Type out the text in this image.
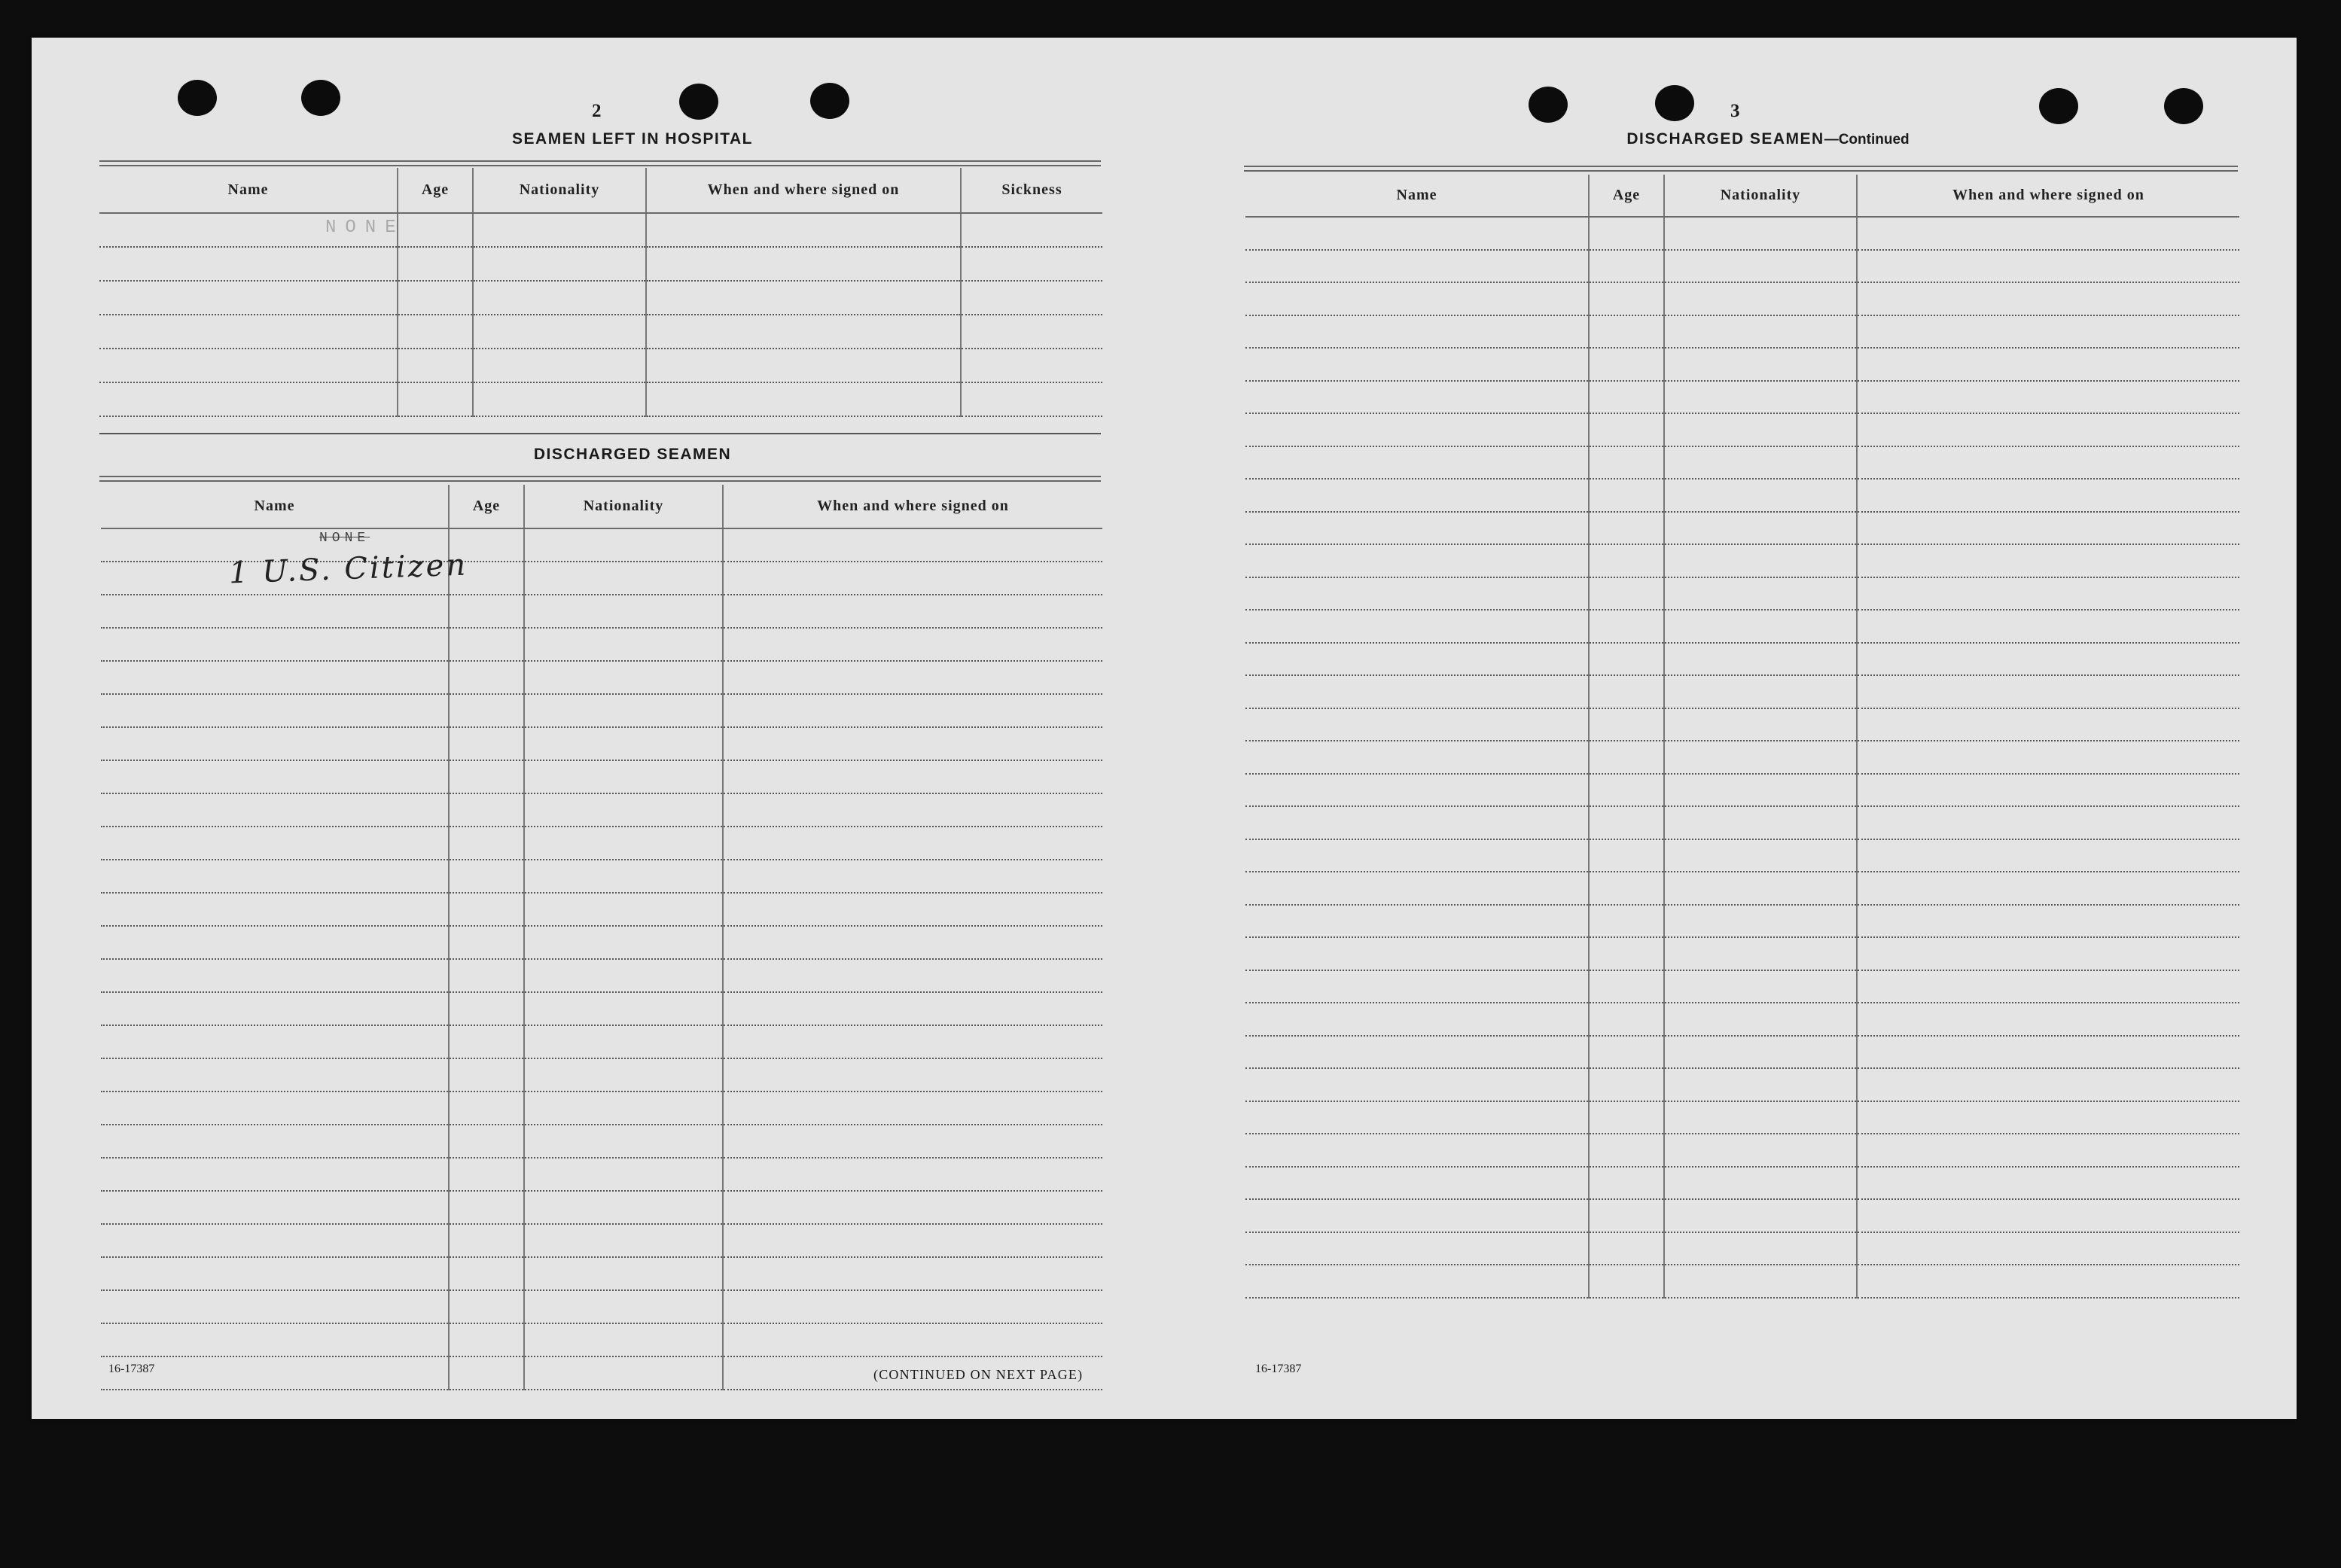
2
SEAMEN LEFT IN HOSPITAL
Name	Age	Nationality	When and where signed on	Sickness

NONE				

DISCHARGED SEAMEN
Name	Age	Nationality	When and where signed on

NONE			

1 U.S. Citizen			

16-17387	(CONTINUED ON NEXT PAGE)
3
DISCHARGED SEAMEN—Continued
Name	Age	Nationality	When and where signed on

16-17387
